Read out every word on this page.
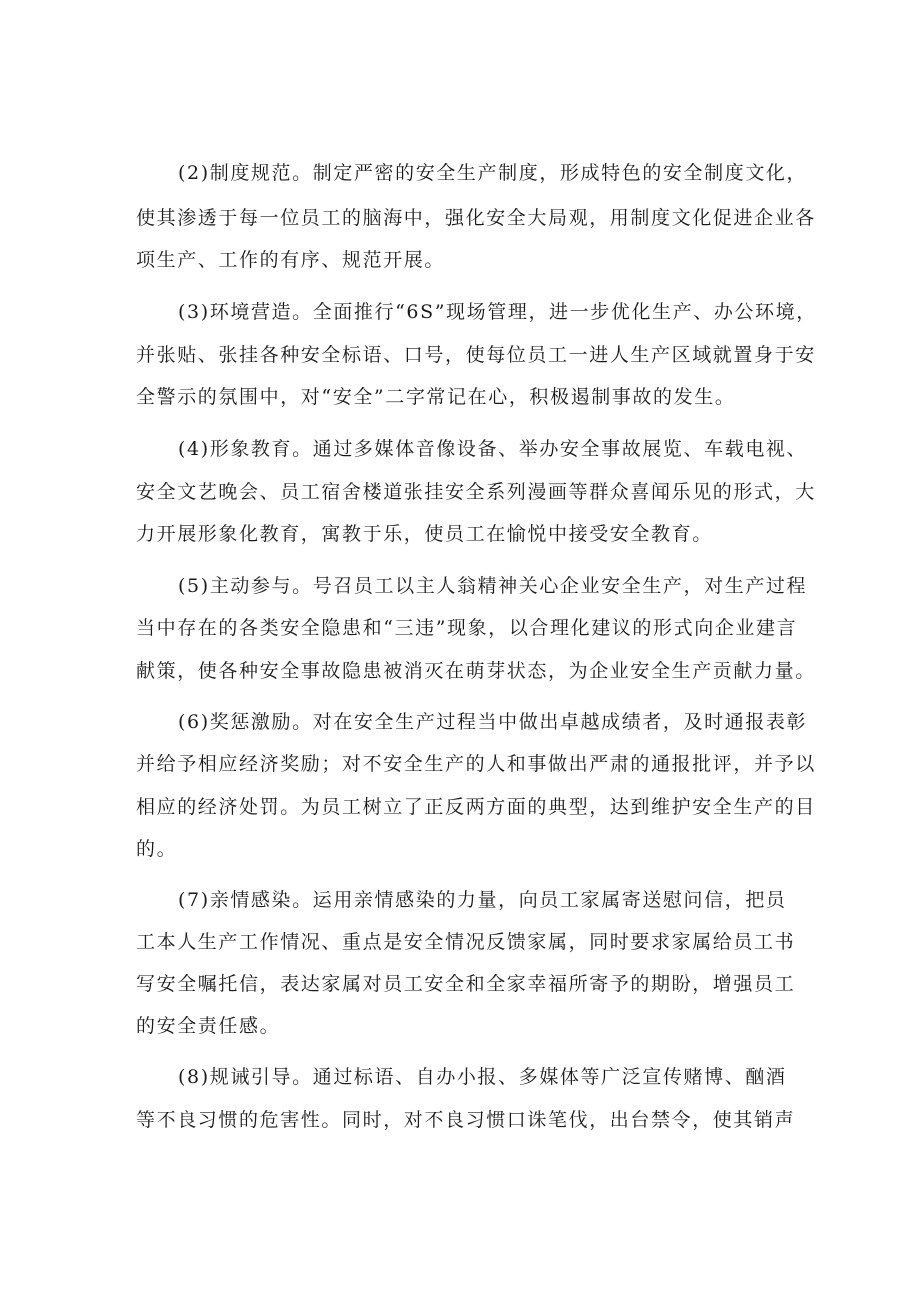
(2)制度规范。制定严密的安全生产制度，形成特色的安全制度文化，
使其渗透于每一位员工的脑海中，强化安全大局观，用制度文化促进企业各
项生产、工作的有序、规范开展。
(3)环境营造。全面推行“6S”现场管理，进一步优化生产、办公环境，
并张贴、张挂各种安全标语、口号，使每位员工一进人生产区域就置身于安
全警示的氛围中，对“安全”二字常记在心，积极遏制事故的发生。
(4)形象教育。通过多媒体音像设备、举办安全事故展览、车载电视、
安全文艺晚会、员工宿舍楼道张挂安全系列漫画等群众喜闻乐见的形式，大
力开展形象化教育，寓教于乐，使员工在愉悦中接受安全教育。
(5)主动参与。号召员工以主人翁精神关心企业安全生产，对生产过程
当中存在的各类安全隐患和“三违”现象，以合理化建议的形式向企业建言
献策，使各种安全事故隐患被消灭在萌芽状态，为企业安全生产贡献力量。
(6)奖惩激励。对在安全生产过程当中做出卓越成绩者，及时通报表彰
并给予相应经济奖励；对不安全生产的人和事做出严肃的通报批评，并予以
相应的经济处罚。为员工树立了正反两方面的典型，达到维护安全生产的目
的。
(7)亲情感染。运用亲情感染的力量，向员工家属寄送慰问信，把员
工本人生产工作情况、重点是安全情况反馈家属，同时要求家属给员工书
写安全嘱托信，表达家属对员工安全和全家幸福所寄予的期盼，增强员工
的安全责任感。
(8)规诫引导。通过标语、自办小报、多媒体等广泛宣传赌博、酗酒
等不良习惯的危害性。同时，对不良习惯口诛笔伐，出台禁令，使其销声
